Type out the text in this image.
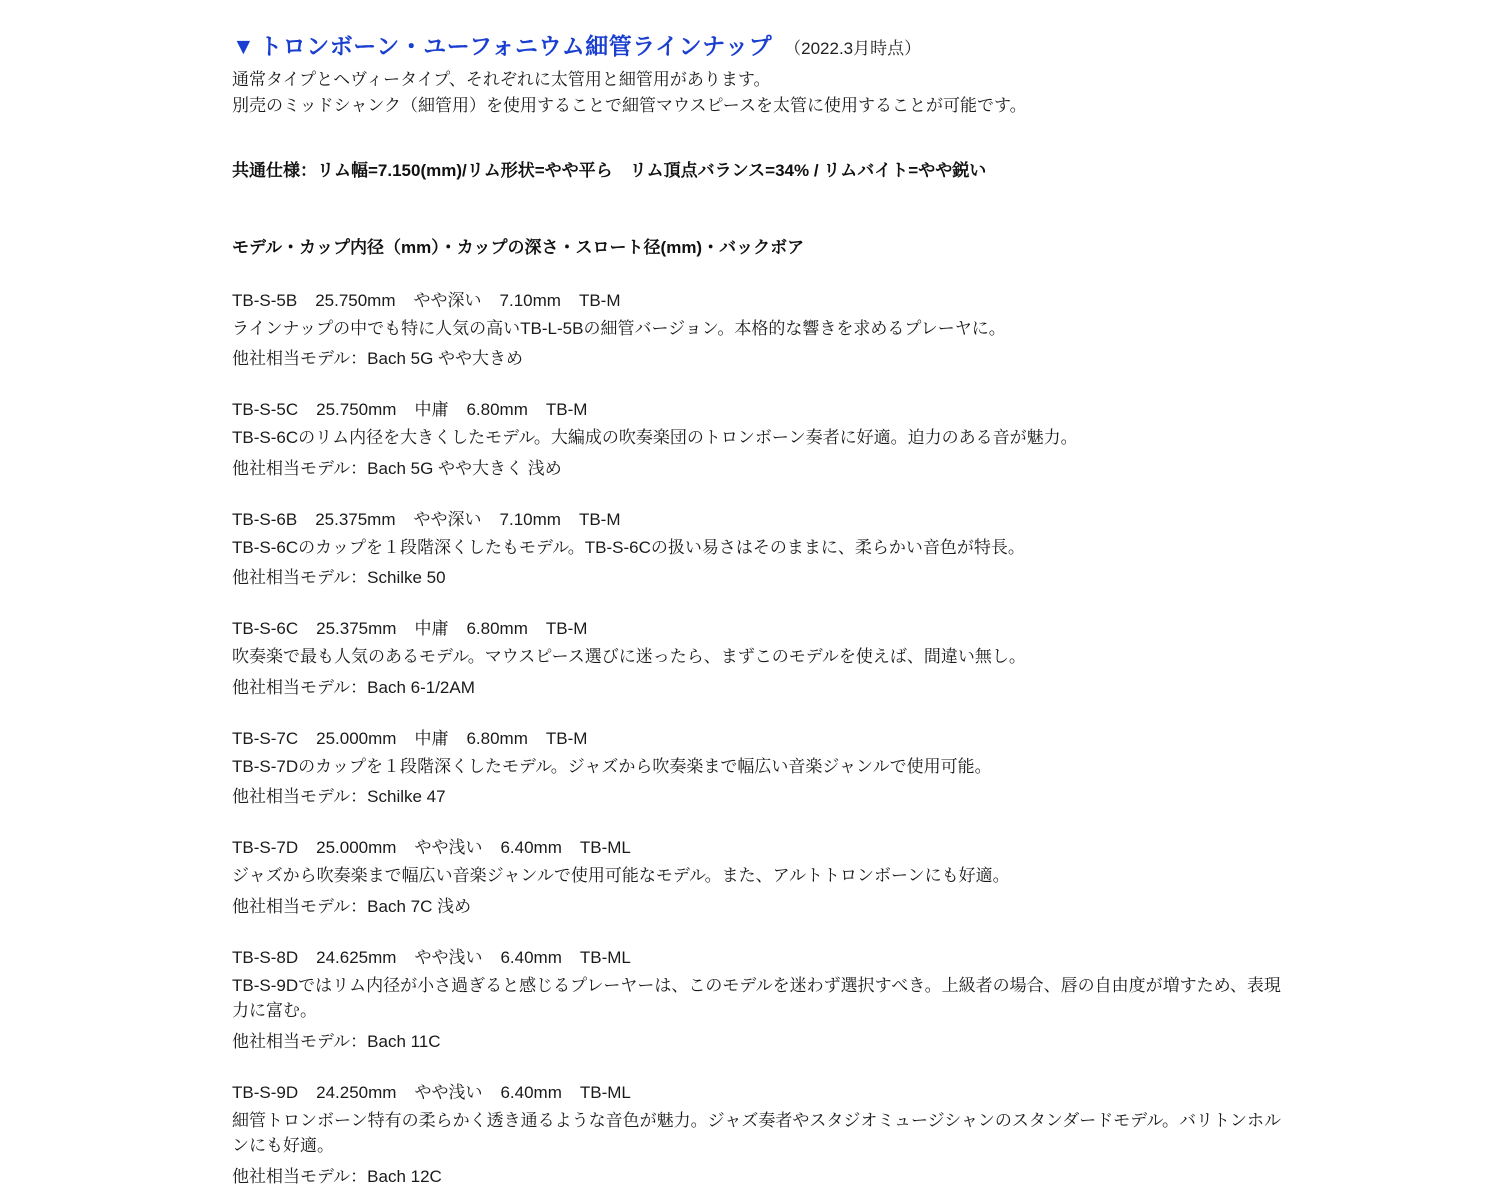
▼ トロンボーン・ユーフォニウム細管ラインナップ （2022.3月時点）
通常タイプとヘヴィータイプ、それぞれに太管用と細管用があります。
別売のミッドシャンク（細管用）を使用することで細管マウスピースを太管に使用することが可能です。
共通仕様：リム幅=7.150(mm)/リム形状=やや平ら　リム頂点バランス=34% / リムバイト=やや鋭い
モデル・カップ内径（mm）・カップの深さ・スロート径(mm)・バックボア
TB-S-5B 25.750mm やや深い 7.10mm TB-M
ラインナップの中でも特に人気の高いTB-L-5Bの細管バージョン。本格的な響きを求めるプレーヤに。
他社相当モデル：Bach 5G やや大きめ
TB-S-5C 25.750mm 中庸 6.80mm TB-M
TB-S-6Cのリム内径を大きくしたモデル。大編成の吹奏楽団のトロンボーン奏者に好適。迫力のある音が魅力。
他社相当モデル：Bach 5G やや大きく 浅め
TB-S-6B 25.375mm やや深い 7.10mm TB-M
TB-S-6Cのカップを１段階深くしたもモデル。TB-S-6Cの扱い易さはそのままに、柔らかい音色が特長。
他社相当モデル：Schilke 50
TB-S-6C 25.375mm 中庸 6.80mm TB-M
吹奏楽で最も人気のあるモデル。マウスピース選びに迷ったら、まずこのモデルを使えば、間違い無し。
他社相当モデル：Bach 6-1/2AM
TB-S-7C 25.000mm 中庸 6.80mm TB-M
TB-S-7Dのカップを１段階深くしたモデル。ジャズから吹奏楽まで幅広い音楽ジャンルで使用可能。
他社相当モデル：Schilke 47
TB-S-7D 25.000mm やや浅い 6.40mm TB-ML
ジャズから吹奏楽まで幅広い音楽ジャンルで使用可能なモデル。また、アルトトロンボーンにも好適。
他社相当モデル：Bach 7C 浅め
TB-S-8D 24.625mm やや浅い 6.40mm TB-ML
TB-S-9Dではリム内径が小さ過ぎると感じるプレーヤーは、このモデルを迷わず選択すべき。上級者の場合、唇の自由度が増すため、表現力に富む。
他社相当モデル：Bach 11C
TB-S-9D 24.250mm やや浅い 6.40mm TB-ML
細管トロンボーン特有の柔らかく透き通るような音色が魅力。ジャズ奏者やスタジオミュージシャンのスタンダードモデル。バリトンホルンにも好適。
他社相当モデル：Bach 12C
